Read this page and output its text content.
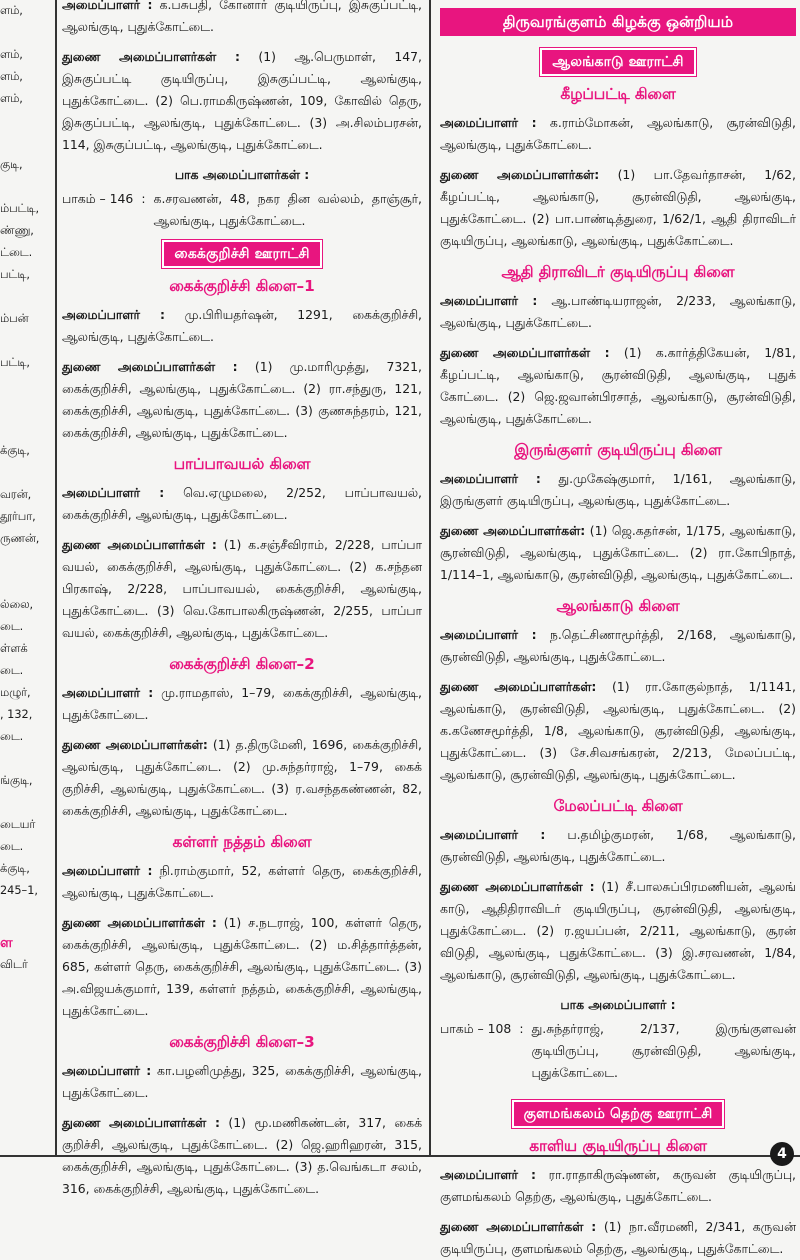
ளம்,
ளம்,
ளம்,
ளம்,
குடி,
ம்பட்டி,
ண்ணு,
ட்டை.
பட்டி,
ம்பன்
பட்டி,
க்குடி,
வரன்,
தூர்பா,
ருணன்,
ல்லை,
டை.
ள்ளக்
டை.
மழுர்,
, 132,
டை.
ங்குடி,
டையர்
டை.
க்குடி,
245–1,
ள
விடர்

அமைப்பாளர் : க.பசுபதி, கோனார் குடியிருப்பு, இசுகுப்பட்டி, ஆலங்குடி, புதுக்கோட்டை.

துணை அமைப்பாளர்கள் : (1) ஆ.பெருமாள், 147, இசுகுப்பட்டி குடியிருப்பு, இசுகுப்பட்டி, ஆலங்குடி, புதுக்கோட்டை. (2) பெ.ராமகிருஷ்ணன், 109, கோவில் தெரு, இசுகுப்பட்டி, ஆலங்குடி, புதுக்கோட்டை. (3) அ.சிலம்பரசன், 114, இசுகுப்பட்டி, ஆலங்குடி, புதுக்கோட்டை.

பாக அமைப்பாளர்கள் :
பாகம் – 146 : க.சரவணன், 48, நகர தின வல்லம், தாஞ்சூர், ஆலங்குடி, புதுக்கோட்டை.
கைக்குறிச்சி ஊராட்சி
கைக்குறிச்சி கிளை–1

அமைப்பாளர் : மு.பிரியதர்ஷன், 1291, கைக்குறிச்சி, ஆலங்குடி, புதுக்கோட்டை.

துணை அமைப்பாளர்கள் : (1) மு.மாரிமுத்து, 7321, கைக்குறிச்சி, ஆலங்குடி, புதுக்கோட்டை. (2) ரா.சந்துரு, 121, கைக்குறிச்சி, ஆலங்குடி, புதுக்கோட்டை. (3) குணசுந்தரம், 121, கைக்குறிச்சி, ஆலங்குடி, புதுக்கோட்டை.

பாப்பாவயல் கிளை

அமைப்பாளர் : வெ.ஏழுமலை, 2/252, பாப்பாவயல், கைக்குறிச்சி, ஆலங்குடி, புதுக்கோட்டை.

துணை அமைப்பாளர்கள் : (1) க.சஞ்சீவிராம், 2/228, பாப்பா வயல், கைக்குறிச்சி, ஆலங்குடி, புதுக்கோட்டை. (2) க.சந்தன பிரகாஷ், 2/228, பாப்பாவயல், கைக்குறிச்சி, ஆலங்குடி, புதுக்கோட்டை. (3) வெ.கோபாலகிருஷ்ணன், 2/255, பாப்பா வயல், கைக்குறிச்சி, ஆலங்குடி, புதுக்கோட்டை.

கைக்குறிச்சி கிளை–2

அமைப்பாளர் : மு.ராமதாஸ், 1–79, கைக்குறிச்சி, ஆலங்குடி, புதுக்கோட்டை.

துணை அமைப்பாளர்கள்: (1) த.திருமேனி, 1696, கைக்குறிச்சி, ஆலங்குடி, புதுக்கோட்டை. (2) மு.சுந்தர்ராஜ், 1–79, கைக் குறிச்சி, ஆலங்குடி, புதுக்கோட்டை. (3) ர.வசந்தகண்ணன், 82, கைக்குறிச்சி, ஆலங்குடி, புதுக்கோட்டை.

கள்ளர் நத்தம் கிளை

அமைப்பாளர் : நி.ராம்குமார், 52, கள்ளர் தெரு, கைக்குறிச்சி, ஆலங்குடி, புதுக்கோட்டை.

துணை அமைப்பாளர்கள் : (1) ச.நடராஜ், 100, கள்ளர் தெரு, கைக்குறிச்சி, ஆலங்குடி, புதுக்கோட்டை. (2) ம.சித்தார்த்தன், 685, கள்ளர் தெரு, கைக்குறிச்சி, ஆலங்குடி, புதுக்கோட்டை. (3) அ.விஜயக்குமார், 139, கள்ளர் நத்தம், கைக்குறிச்சி, ஆலங்குடி, புதுக்கோட்டை.

கைக்குறிச்சி கிளை–3

அமைப்பாளர் : கா.பழனிமுத்து, 325, கைக்குறிச்சி, ஆலங்குடி, புதுக்கோட்டை.

துணை அமைப்பாளர்கள் : (1) மூ.மணிகண்டன், 317, கைக் குறிச்சி, ஆலங்குடி, புதுக்கோட்டை. (2) ஜெ.ஹரிஹரன், 315, கைக்குறிச்சி, ஆலங்குடி, புதுக்கோட்டை. (3) த.வெங்கடா சலம், 316, கைக்குறிச்சி, ஆலங்குடி, புதுக்கோட்டை.

திருவரங்குளம் கிழக்கு ஒன்றியம்
ஆலங்காடு ஊராட்சி
கீழப்பட்டி கிளை

அமைப்பாளர் : க.ராம்மோகன், ஆலங்காடு, சூரன்விடுதி, ஆலங்குடி, புதுக்கோட்டை.

துணை அமைப்பாளர்கள்: (1) பா.தேவர்தாசன், 1/62, கீழப்பட்டி, ஆலங்காடு, சூரன்விடுதி, ஆலங்குடி, புதுக்கோட்டை. (2) பா.பாண்டித்துரை, 1/62/1, ஆதி திராவிடர் குடியிருப்பு, ஆலங்காடு, ஆலங்குடி, புதுக்கோட்டை.

ஆதி திராவிடர் குடியிருப்பு கிளை

அமைப்பாளர் : ஆ.பாண்டியராஜன், 2/233, ஆலங்காடு, ஆலங்குடி, புதுக்கோட்டை.

துணை அமைப்பாளர்கள் : (1) க.கார்த்திகேயன், 1/81, கீழப்பட்டி, ஆலங்காடு, சூரன்விடுதி, ஆலங்குடி, புதுக் கோட்டை. (2) ஜெ.ஜவான்பிரசாத், ஆலங்காடு, சூரன்விடுதி, ஆலங்குடி, புதுக்கோட்டை.

இருங்குளர் குடியிருப்பு கிளை

அமைப்பாளர் : து.முகேஷ்குமார், 1/161, ஆலங்காடு, இருங்குளர் குடியிருப்பு, ஆலங்குடி, புதுக்கோட்டை.

துணை அமைப்பாளர்கள்: (1) ஜெ.கதர்சன், 1/175, ஆலங்காடு, சூரன்விடுதி, ஆலங்குடி, புதுக்கோட்டை. (2) ரா.கோபிநாத், 1/114–1, ஆலங்காடு, சூரன்விடுதி, ஆலங்குடி, புதுக்கோட்டை.

ஆலங்காடு கிளை

அமைப்பாளர் : ந.தெட்சிணாமூர்த்தி, 2/168, ஆலங்காடு, சூரன்விடுதி, ஆலங்குடி, புதுக்கோட்டை.

துணை அமைப்பாளர்கள்: (1) ரா.கோகுல்நாத், 1/1141, ஆலங்காடு, சூரன்விடுதி, ஆலங்குடி, புதுக்கோட்டை. (2) க.கணேசமூர்த்தி, 1/8, ஆலங்காடு, சூரன்விடுதி, ஆலங்குடி, புதுக்கோட்டை. (3) சே.சிவசங்கரன், 2/213, மேலப்பட்டி, ஆலங்காடு, சூரன்விடுதி, ஆலங்குடி, புதுக்கோட்டை.

மேலப்பட்டி கிளை

அமைப்பாளர் : ப.தமிழ்குமரன், 1/68, ஆலங்காடு, சூரன்விடுதி, ஆலங்குடி, புதுக்கோட்டை.

துணை அமைப்பாளர்கள் : (1) சீ.பாலசுப்பிரமணியன், ஆலங் காடு, ஆதிதிராவிடர் குடியிருப்பு, சூரன்விடுதி, ஆலங்குடி, புதுக்கோட்டை. (2) ர.ஜயப்பன், 2/211, ஆலங்காடு, சூரன் விடுதி, ஆலங்குடி, புதுக்கோட்டை. (3) இ.சரவணன், 1/84, ஆலங்காடு, சூரன்விடுதி, ஆலங்குடி, புதுக்கோட்டை.

பாக அமைப்பாளர் :
பாகம் – 108 : து.சுந்தர்ராஜ், 2/137, இருங்குளவன் குடியிருப்பு, சூரன்விடுதி, ஆலங்குடி, புதுக்கோட்டை.
குளமங்கலம் தெற்கு ஊராட்சி
காளிய குடியிருப்பு கிளை

அமைப்பாளர் : ரா.ராதாகிருஷ்ணன், கருவன் குடியிருப்பு, குளமங்கலம் தெற்கு, ஆலங்குடி, புதுக்கோட்டை.

துணை அமைப்பாளர்கள் : (1) நா.வீரமணி, 2/341, கருவன் குடியிருப்பு, குளமங்கலம் தெற்கு, ஆலங்குடி, புதுக்கோட்டை.

4
